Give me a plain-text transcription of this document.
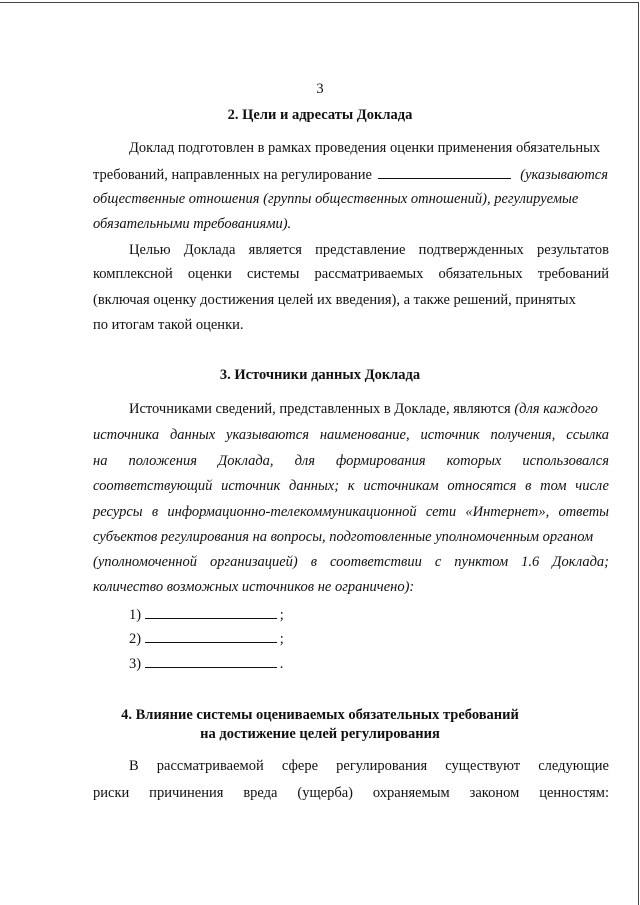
3
2. Цели и адресаты Доклада
Доклад подготовлен в рамках проведения оценки применения обязательных
требований, направленных на регулирование	(указываются
общественные отношения (группы общественных отношений), регулируемые
обязательными требованиями).
Целью Доклада является представление подтвержденных результатов
комплексной оценки системы рассматриваемых обязательных требований
(включая оценку достижения целей их введения), а также решений, принятых
по итогам такой оценки.
3. Источники данных Доклада
Источниками сведений, представленных в Докладе, являются (для каждого
источника данных указываются наименование, источник получения, ссылка
на положения Доклада, для формирования которых использовался
соответствующий источник данных; к источникам относятся в том числе
ресурсы в информационно-телекоммуникационной сети «Интернет», ответы
субъектов регулирования на вопросы, подготовленные уполномоченным органом
(уполномоченной организацией) в соответствии с пунктом 1.6 Доклада;
количество возможных источников не ограничено):
1)	;
2)	;
3)	.
4. Влияние системы оцениваемых обязательных требований
на достижение целей регулирования
В рассматриваемой сфере регулирования существуют следующие
риски причинения вреда (ущерба) охраняемым законом ценностям:
